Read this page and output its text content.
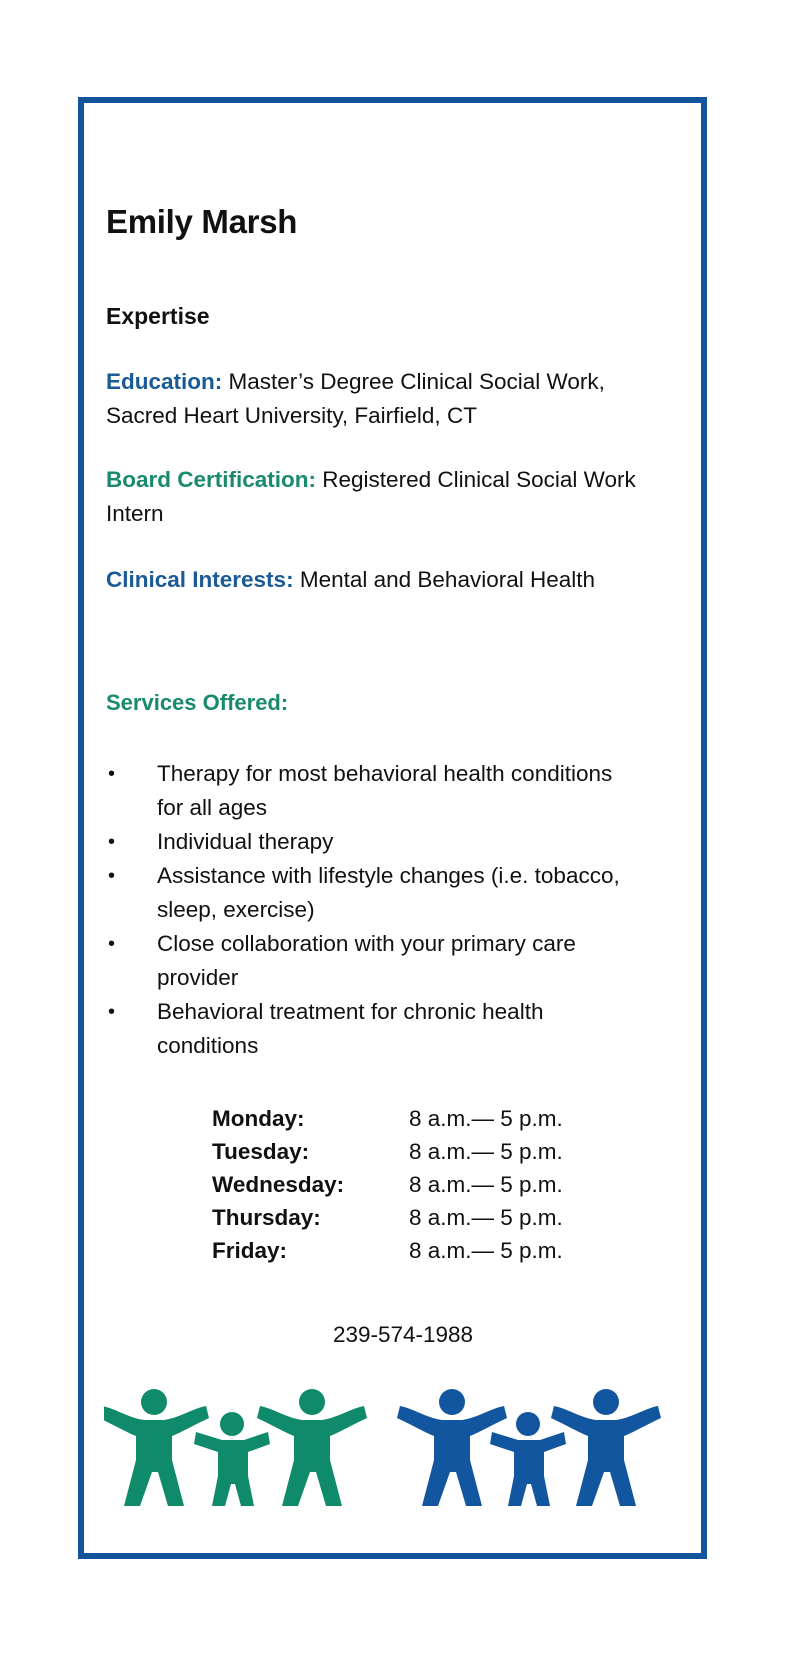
Emily Marsh
Expertise
Education: Master’s Degree Clinical Social Work,
Sacred Heart University, Fairfield, CT
Board Certification: Registered Clinical Social Work
Intern
Clinical Interests: Mental and Behavioral Health
Services Offered:
• Therapy for most behavioral health conditions
for all ages
• Individual therapy
• Assistance with lifestyle changes (i.e. tobacco,
sleep, exercise)
• Close collaboration with your primary care
provider
• Behavioral treatment for chronic health
conditions
Monday:	8 a.m.— 5 p.m.
Tuesday:	8 a.m.— 5 p.m.
Wednesday:	8 a.m.— 5 p.m.
Thursday:	8 a.m.— 5 p.m.
Friday:	8 a.m.— 5 p.m.
239-574-1988
